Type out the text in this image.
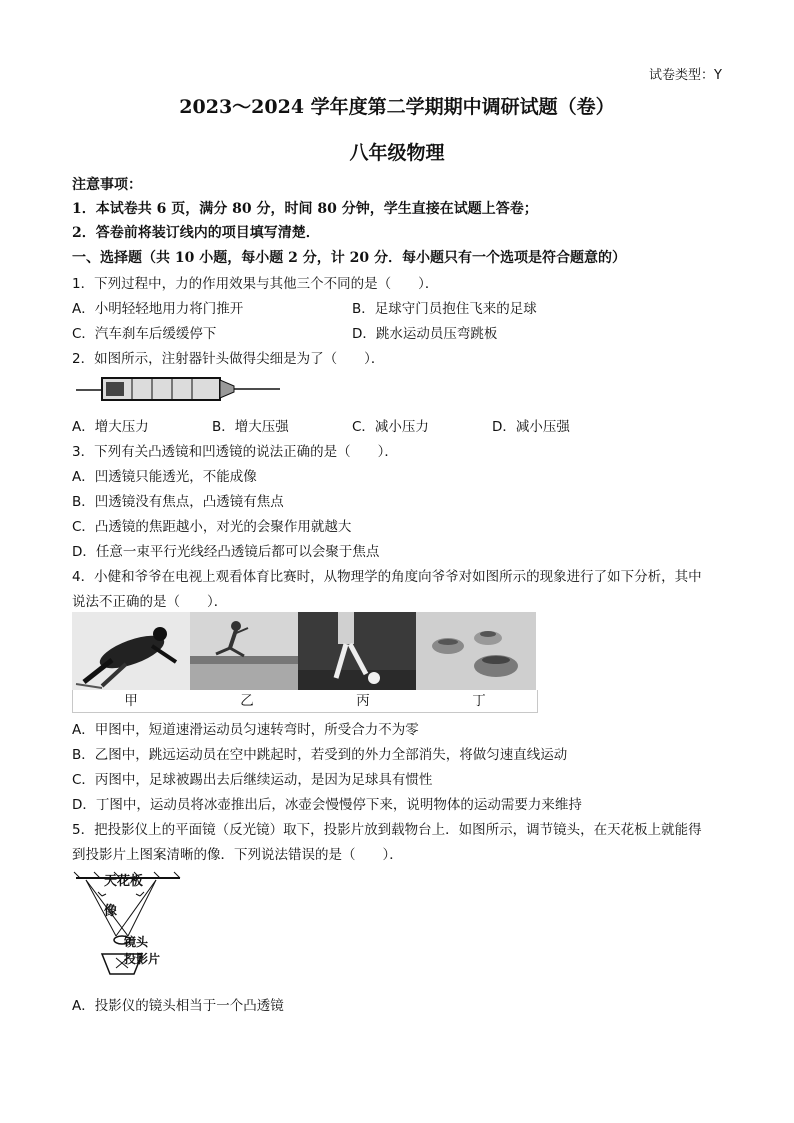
试卷类型：Y
2023～2024 学年度第二学期期中调研试题（卷）
八年级物理
注意事项：
1．本试卷共 6 页，满分 80 分，时间 80 分钟，学生直接在试题上答卷；
2．答卷前将装订线内的项目填写清楚．
一、选择题（共 10 小题，每小题 2 分，计 20 分．每小题只有一个选项是符合题意的）
1．下列过程中，力的作用效果与其他三个不同的是（　　）．
A．小明轻轻地用力将门推开	B．足球守门员抱住飞来的足球
C．汽车刹车后缓缓停下	D．跳水运动员压弯跳板
2．如图所示，注射器针头做得尖细是为了（　　）．
A．增大压力	B．增大压强	C．减小压力	D．减小压强
3．下列有关凸透镜和凹透镜的说法正确的是（　　）．
A．凹透镜只能透光，不能成像
B．凹透镜没有焦点，凸透镜有焦点
C．凸透镜的焦距越小，对光的会聚作用就越大
D．任意一束平行光线经凸透镜后都可以会聚于焦点
4．小健和爷爷在电视上观看体育比赛时，从物理学的角度向爷爷对如图所示的现象进行了如下分析，其中
说法不正确的是（　　）．
甲	乙	丙	丁
A．甲图中，短道速滑运动员匀速转弯时，所受合力不为零
B．乙图中，跳远运动员在空中跳起时，若受到的外力全部消失，将做匀速直线运动
C．丙图中，足球被踢出去后继续运动，是因为足球具有惯性
D．丁图中，运动员将冰壶推出后，冰壶会慢慢停下来，说明物体的运动需要力来维持
5．把投影仪上的平面镜（反光镜）取下，投影片放到载物台上．如图所示，调节镜头，在天花板上就能得
到投影片上图案清晰的像．下列说法错误的是（　　）．
天花板
像
镜头
投影片
A．投影仪的镜头相当于一个凸透镜
